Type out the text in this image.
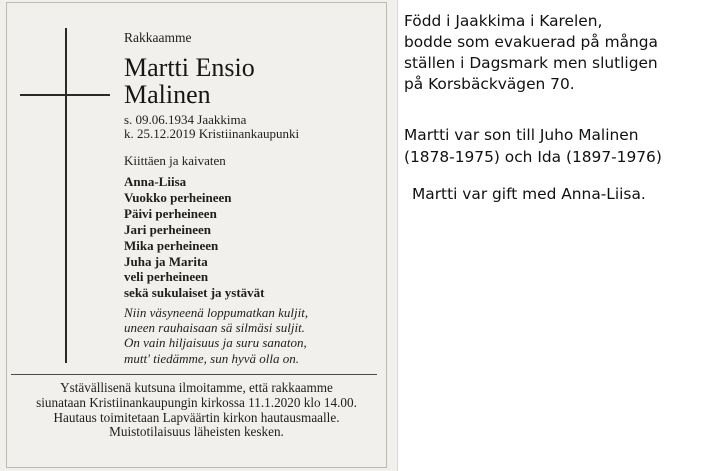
Rakkaamme
Martti Ensio
Malinen
s. 09.06.1934 Jaakkima
k. 25.12.2019 Kristiinankaupunki
Kiittäen ja kaivaten
Anna-Liisa
Vuokko perheineen
Päivi perheineen
Jari perheineen
Mika perheineen
Juha ja Marita
veli perheineen
sekä sukulaiset ja ystävät
Niin väsyneenä loppumatkan kuljit,
uneen rauhaisaan sä silmäsi suljit.
On vain hiljaisuus ja suru sanaton,
mutt' tiedämme, sun hyvä olla on.
Ystävällisenä kutsuna ilmoitamme, että rakkaamme
siunataan Kristiinankaupungin kirkossa 11.1.2020 klo 14.00.
Hautaus toimitetaan Lapväärtin kirkon hautausmaalle.
Muistotilaisuus läheisten kesken.
Född i Jaakkima i Karelen,
bodde som evakuerad på många
ställen i Dagsmark men slutligen
på Korsbäckvägen 70.
Martti var son till Juho Malinen
(1878-1975) och Ida (1897-1976)
Martti var gift med Anna-Liisa.
